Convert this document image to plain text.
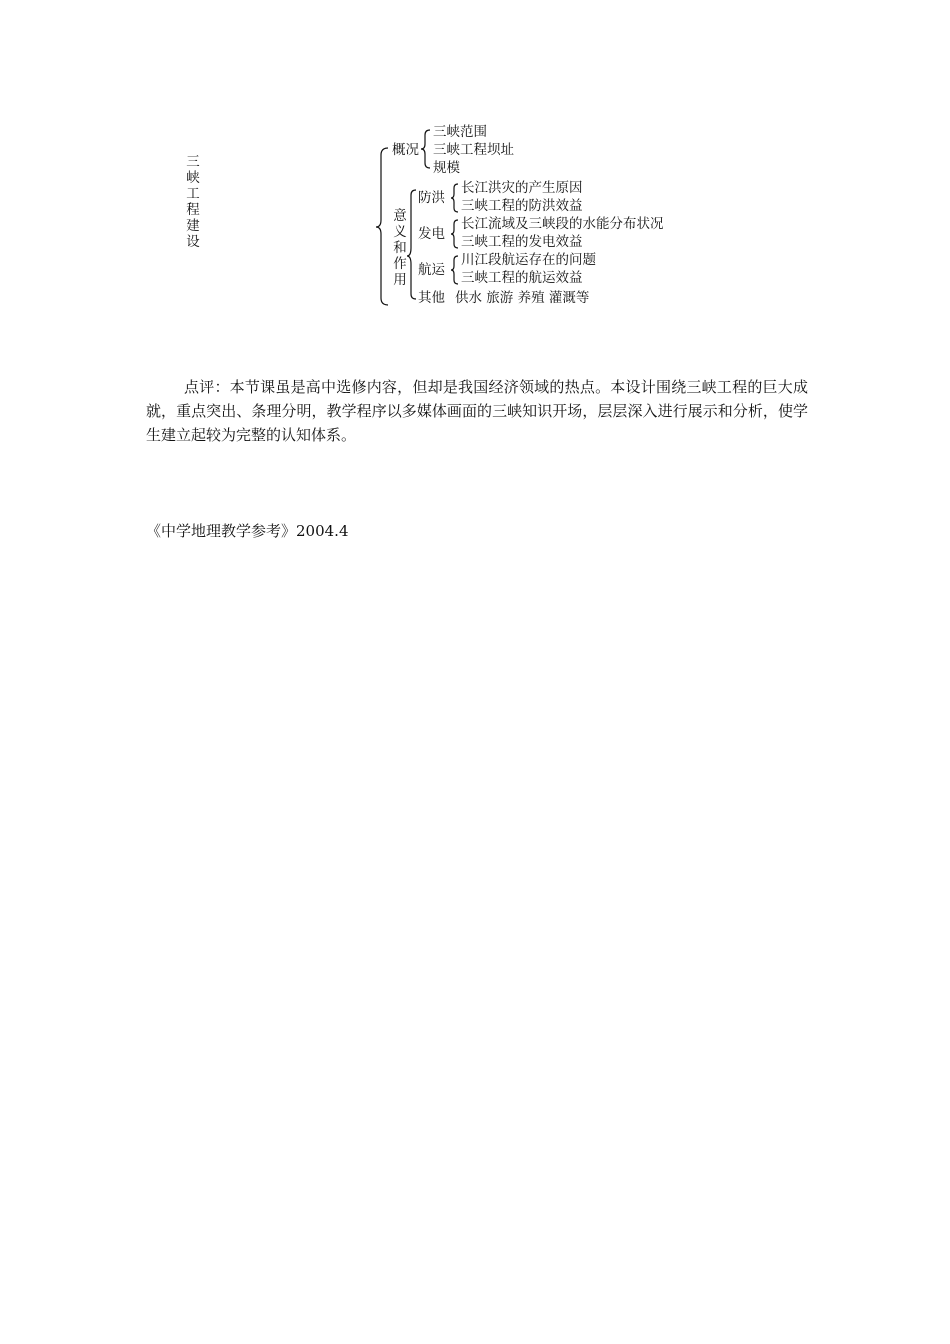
三峡工程建设
概况
三峡范围
三峡工程坝址
规模
意义和作用
防洪
长江洪灾的产生原因
三峡工程的防洪效益
发电
长江流域及三峡段的水能分布状况
三峡工程的发电效益
航运
川江段航运存在的问题
三峡工程的航运效益
其他 供水 旅游 养殖 灌溉等

点评：本节课虽是高中选修内容，但却是我国经济领域的热点。本设计围绕三峡工程的巨大成就，重点突出、条理分明，教学程序以多媒体画面的三峡知识开场，层层深入进行展示和分析，使学生建立起较为完整的认知体系。

《中学地理教学参考》2004.4
